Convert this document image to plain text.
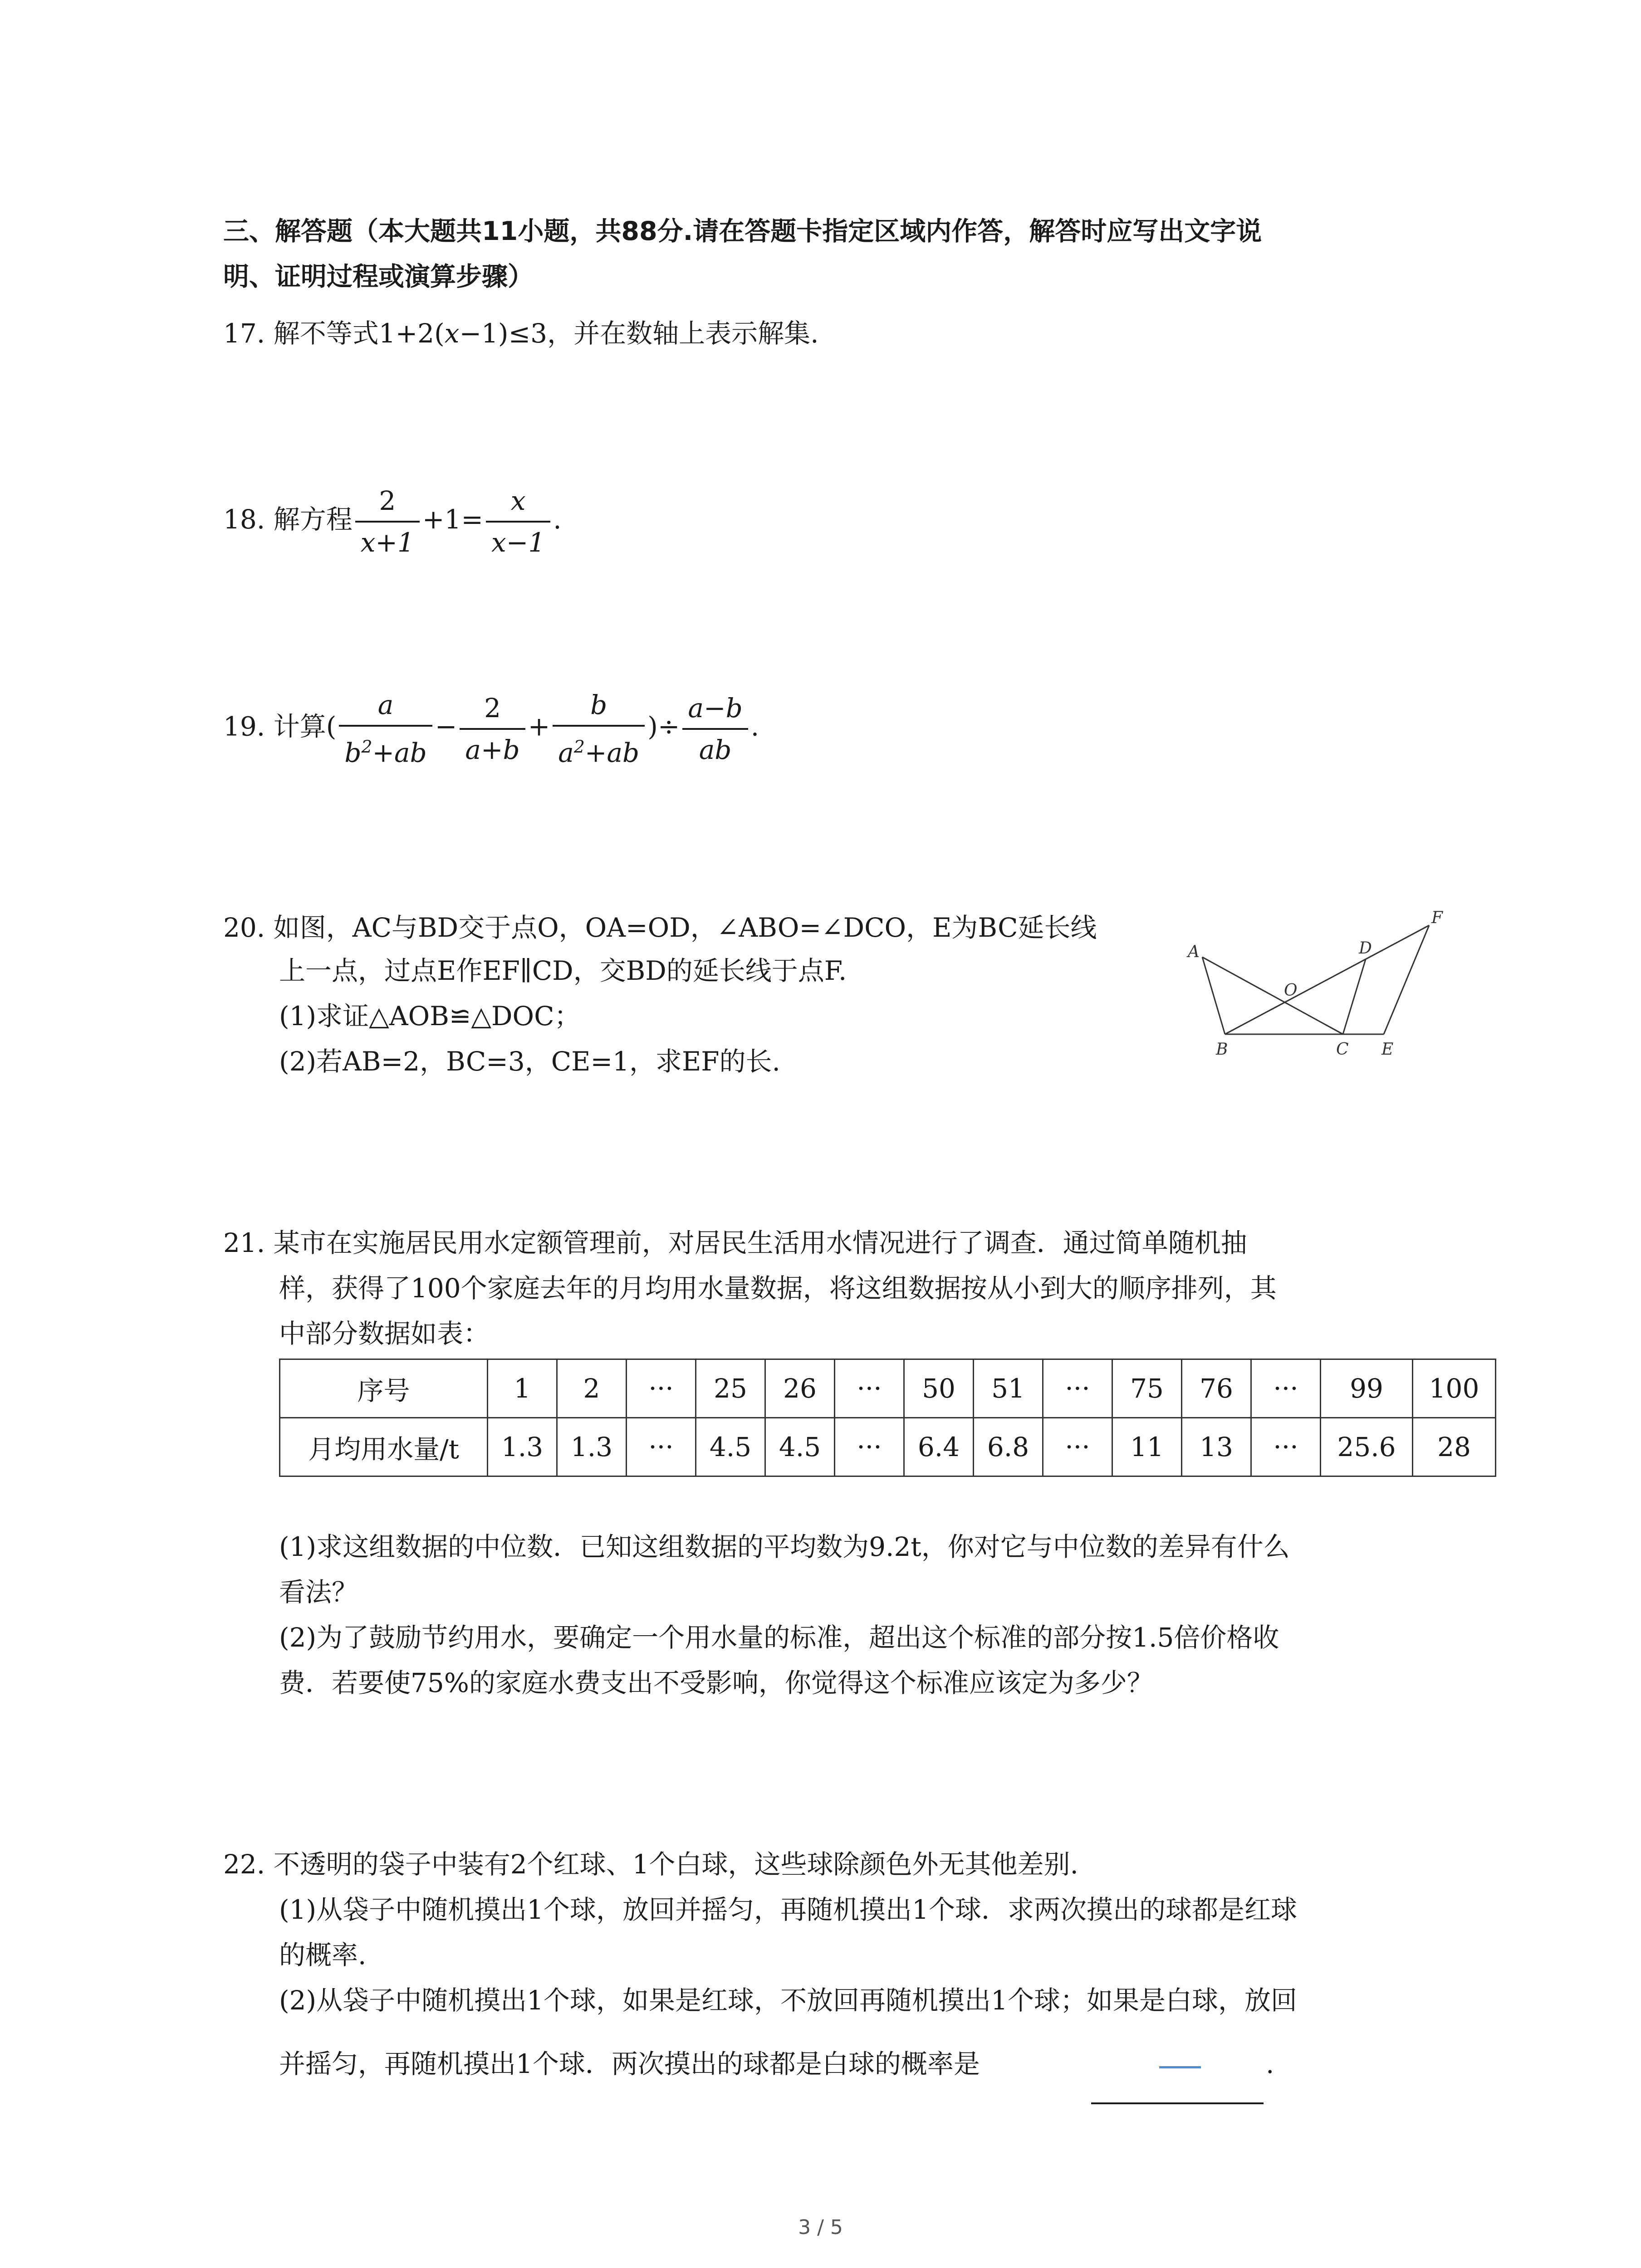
三、解答题（本大题共11小题，共88分.请在答题卡指定区域内作答，解答时应写出文字说
明、证明过程或演算步骤）
17. 解不等式1+2(x−1)≤3，并在数轴上表示解集.
18. 解方程 $\frac{2}{x+1} +1= \frac{x}{x-1}$ .
19. 计算( $\frac{a}{b^2+ab} - \frac{2}{a+b} + \frac{b}{a^2+ab}$ )÷ $\frac{a-b}{ab}$ .
20. 如图，AC与BD交于点O，OA=OD，∠ABO=∠DCO，E为BC延长线
上一点，过点E作EF∥CD，交BD的延长线于点F.
(1)求证△AOB≌△DOC；
(2)若AB=2，BC=3，CE=1，求EF的长.
A
B	C
D
E
F
O
21. 某市在实施居民用水定额管理前，对居民生活用水情况进行了调查．通过简单随机抽
样，获得了100个家庭去年的月均用水量数据，将这组数据按从小到大的顺序排列，其
中部分数据如表：
序号	1	2	···	25	26	···	50	51	···	75	76	···	99	100
月均用水量/t	1.3	1.3	···	4.5	4.5	···	6.4	6.8	···	11	13	···	25.6	28
(1)求这组数据的中位数．已知这组数据的平均数为9.2t，你对它与中位数的差异有什么
看法？
(2)为了鼓励节约用水，要确定一个用水量的标准，超出这个标准的部分按1.5倍价格收
费．若要使75%的家庭水费支出不受影响，你觉得这个标准应该定为多少？
22. 不透明的袋子中装有2个红球、1个白球，这些球除颜色外无其他差别.
(1)从袋子中随机摸出1个球，放回并摇匀，再随机摸出1个球．求两次摸出的球都是红球
的概率.
(2)从袋子中随机摸出1个球，如果是红球，不放回再随机摸出1个球；如果是白球，放回
并摇匀，再随机摸出1个球．两次摸出的球都是白球的概率是	.
3 / 5
